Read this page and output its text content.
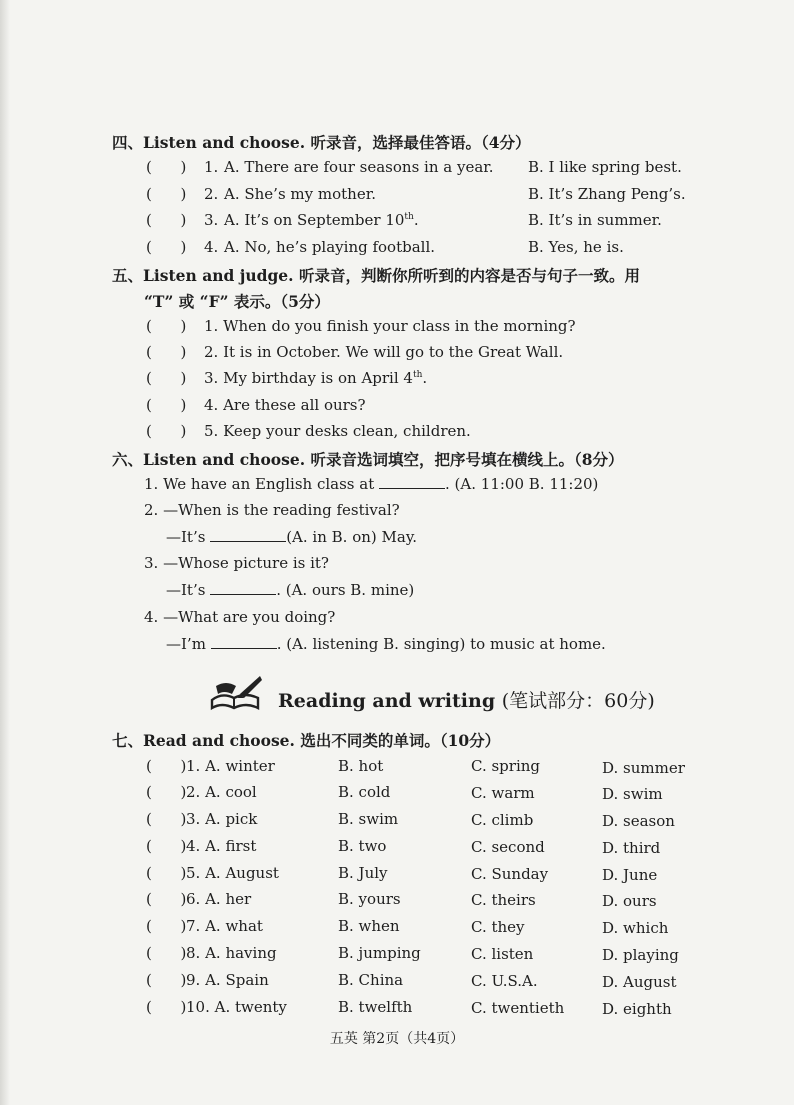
四、Listen and choose. 听录音，选择最佳答语。（4分）
(      ) 1. A. There are four seasons in a year. B. I like spring best.
(      ) 2. A. She’s my mother.	B. It’s Zhang Peng’s.
(      ) 3. A. It’s on September 10th.	B. It’s in summer.
(      ) 4. A. No, he’s playing football.	B. Yes, he is.
五、Listen and judge. 听录音，判断你所听到的内容是否与句子一致。用
“T” 或 “F” 表示。（5分）
(      ) 1. When do you finish your class in the morning?
(      ) 2. It is in October. We will go to the Great Wall.
(      ) 3. My birthday is on April 4th.
(      ) 4. Are these all ours?
(      ) 5. Keep your desks clean, children.
六、Listen and choose. 听录音选词填空，把序号填在横线上。（8分）
1. We have an English class at	. (A. 11:00 B. 11:20)
2. —When is the reading festival?
—It’s	(A. in B. on) May.
3. —Whose picture is it?
—It’s	. (A. ours B. mine)
4. —What are you doing?
—I’m	. (A. listening B. singing) to music at home.
Reading and writing (笔试部分：60分)
七、Read and choose. 选出不同类的单词。（10分）
(      ) 1. A. winter	B. hot	C. spring	D. summer
(      ) 2. A. cool	B. cold	C. warm	D. swim
(      ) 3. A. pick	B. swim	C. climb	D. season
(      ) 4. A. first	B. two	C. second	D. third
(      ) 5. A. August	B. July	C. Sunday	D. June
(      ) 6. A. her	B. yours	C. theirs	D. ours
(      ) 7. A. what	B. when	C. they	D. which
(      ) 8. A. having	B. jumping	C. listen	D. playing
(      ) 9. A. Spain	B. China	C. U.S.A.	D. August
(      ) 10. A. twenty	B. twelfth	C. twentieth	D. eighth
五英 第2页（共4页）
